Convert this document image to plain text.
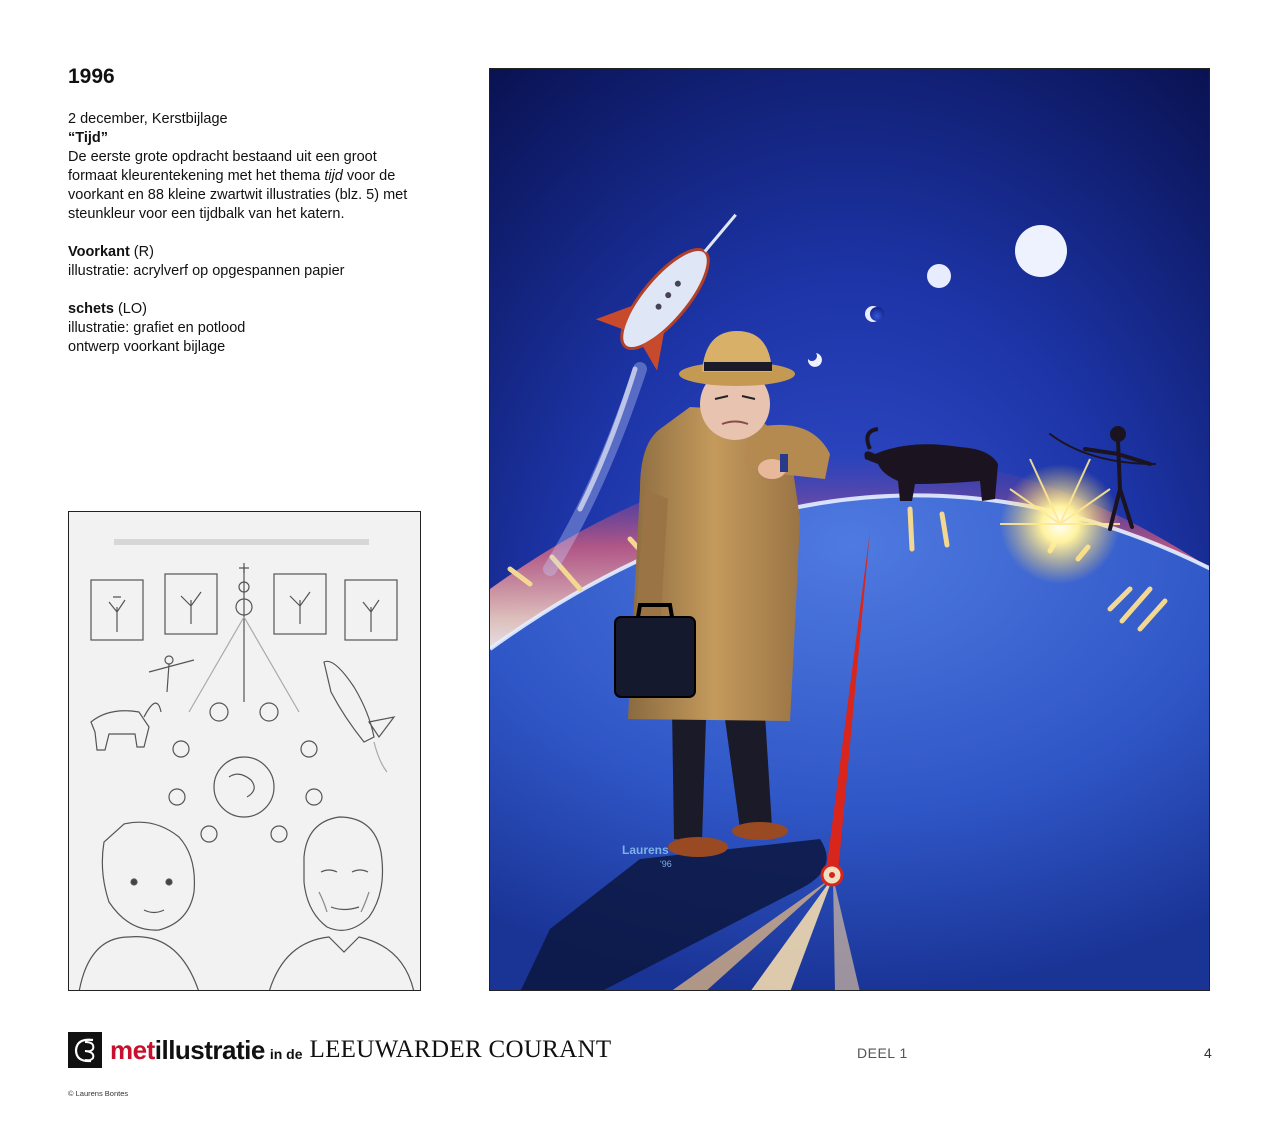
1996

2 december, Kerstbijlage

“Tijd”

De eerste grote opdracht bestaand uit een groot formaat kleurentekening met het thema tijd voor de voorkant en 88 kleine zwartwit illustraties (blz. 5) met steunkleur voor een tijdbalk van het katern.

Voorkant (R)

illustratie: acrylverf op opgespannen papier

schets (LO)

illustratie: grafiet en potlood

ontwerp voorkant bijlage

Laurens
'96
met illustratie in de LEEUWARDER COURANT	DEEL 1	4
© Laurens Bontes
